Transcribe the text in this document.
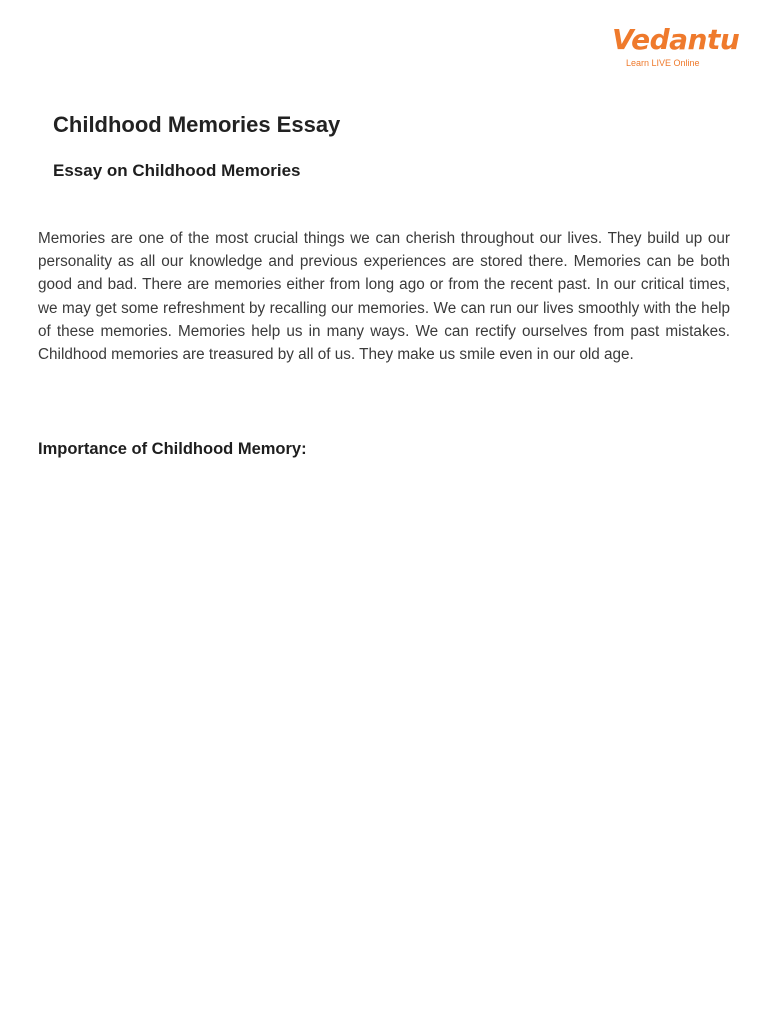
Vedantu
Learn LIVE Online
Childhood Memories Essay
Essay on Childhood Memories

Memories are one of the most crucial things we can cherish throughout our lives. They build up our personality as all our knowledge and previous experiences are stored there. Memories can be both good and bad. There are memories either from long ago or from the recent past. In our critical times, we may get some refreshment by recalling our memories. We can run our lives smoothly with the help of these memories. Memories help us in many ways. We can rectify ourselves from past mistakes. Childhood memories are treasured by all of us. They make us smile even in our old age.

Importance of Childhood Memory:
